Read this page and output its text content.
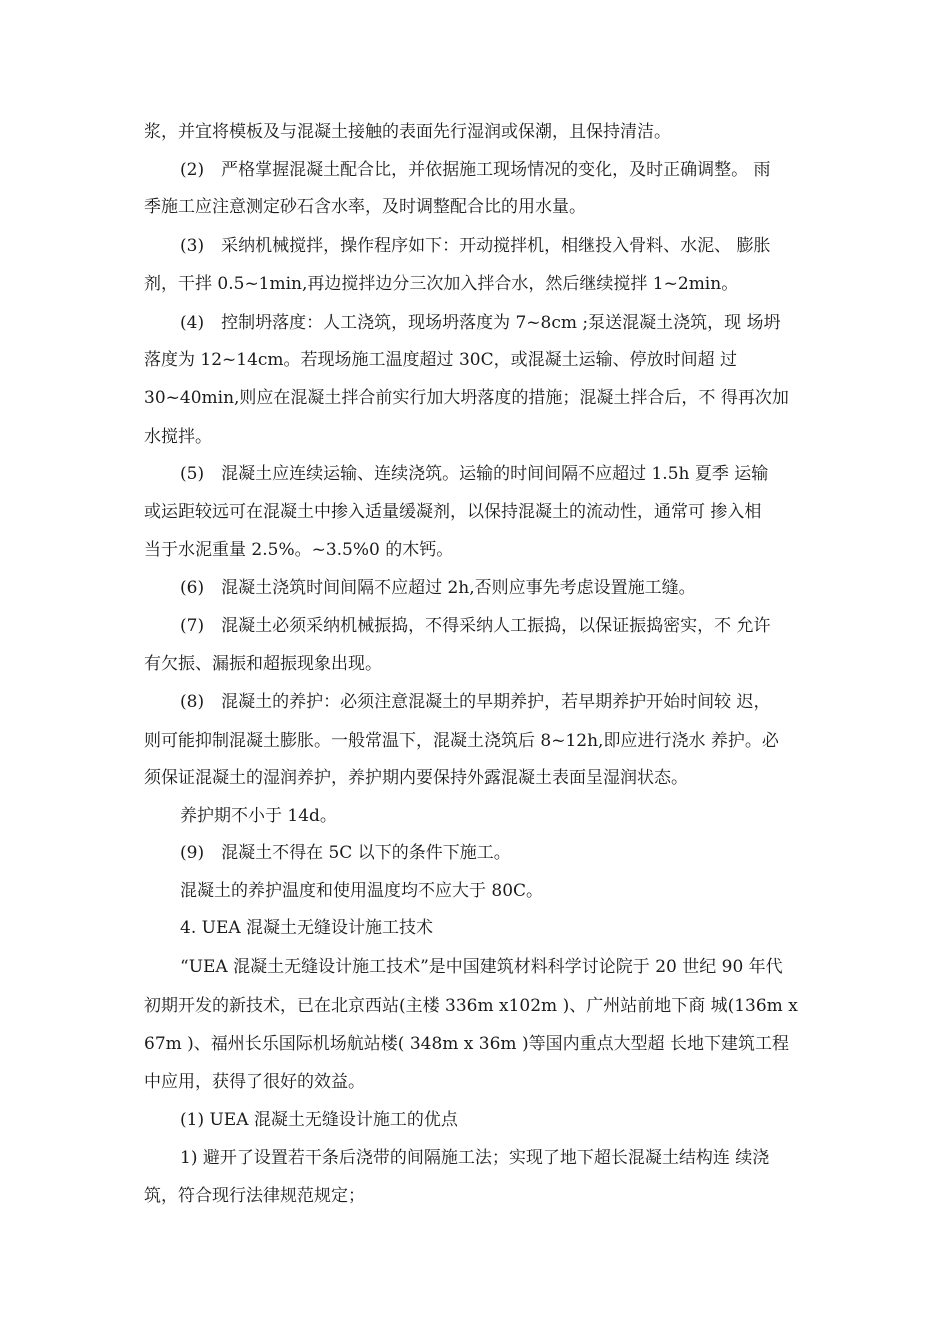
浆，并宜将模板及与混凝土接触的表面先行湿润或保潮，且保持清洁。
(2)　严格掌握混凝土配合比，并依据施工现场情况的变化，及时正确调整。 雨
季施工应注意测定砂石含水率，及时调整配合比的用水量。
(3)　采纳机械搅拌，操作程序如下：开动搅拌机，相继投入骨料、水泥、 膨胀
剂，干拌 0.5~1min,再边搅拌边分三次加入拌合水，然后继续搅拌 1~2min。
(4)　控制坍落度：人工浇筑，现场坍落度为 7~8cm ;泵送混凝土浇筑，现 场坍
落度为 12~14cm。若现场施工温度超过 30C，或混凝土运输、停放时间超 过
30~40min,则应在混凝土拌合前实行加大坍落度的措施；混凝土拌合后，不 得再次加
水搅拌。
(5)　混凝土应连续运输、连续浇筑。运输的时间间隔不应超过 1.5h 夏季 运输
或运距较远可在混凝土中掺入适量缓凝剂，以保持混凝土的流动性，通常可 掺入相
当于水泥重量 2.5%。~3.5%0 的木钙。
(6)　混凝土浇筑时间间隔不应超过 2h,否则应事先考虑设置施工缝。
(7)　混凝土必须采纳机械振捣，不得采纳人工振捣，以保证振捣密实，不 允许
有欠振、漏振和超振现象出现。
(8)　混凝土的养护：必须注意混凝土的早期养护，若早期养护开始时间较 迟，
则可能抑制混凝土膨胀。一般常温下，混凝土浇筑后 8~12h,即应进行浇水 养护。必
须保证混凝土的湿润养护，养护期内要保持外露混凝土表面呈湿润状态。
养护期不小于 14d。
(9)　混凝土不得在 5C 以下的条件下施工。
混凝土的养护温度和使用温度均不应大于 80C。
4. UEA 混凝土无缝设计施工技术
“UEA 混凝土无缝设计施工技术”是中国建筑材料科学讨论院于 20 世纪 90 年代
初期开发的新技术，已在北京西站(主楼 336m x102m )、广州站前地下商 城(136m x
67m )、福州长乐国际机场航站楼( 348m x 36m )等国内重点大型超 长地下建筑工程
中应用，获得了很好的效益。
(1) UEA 混凝土无缝设计施工的优点
1) 避开了设置若干条后浇带的间隔施工法；实现了地下超长混凝土结构连 续浇
筑，符合现行法律规范规定；
